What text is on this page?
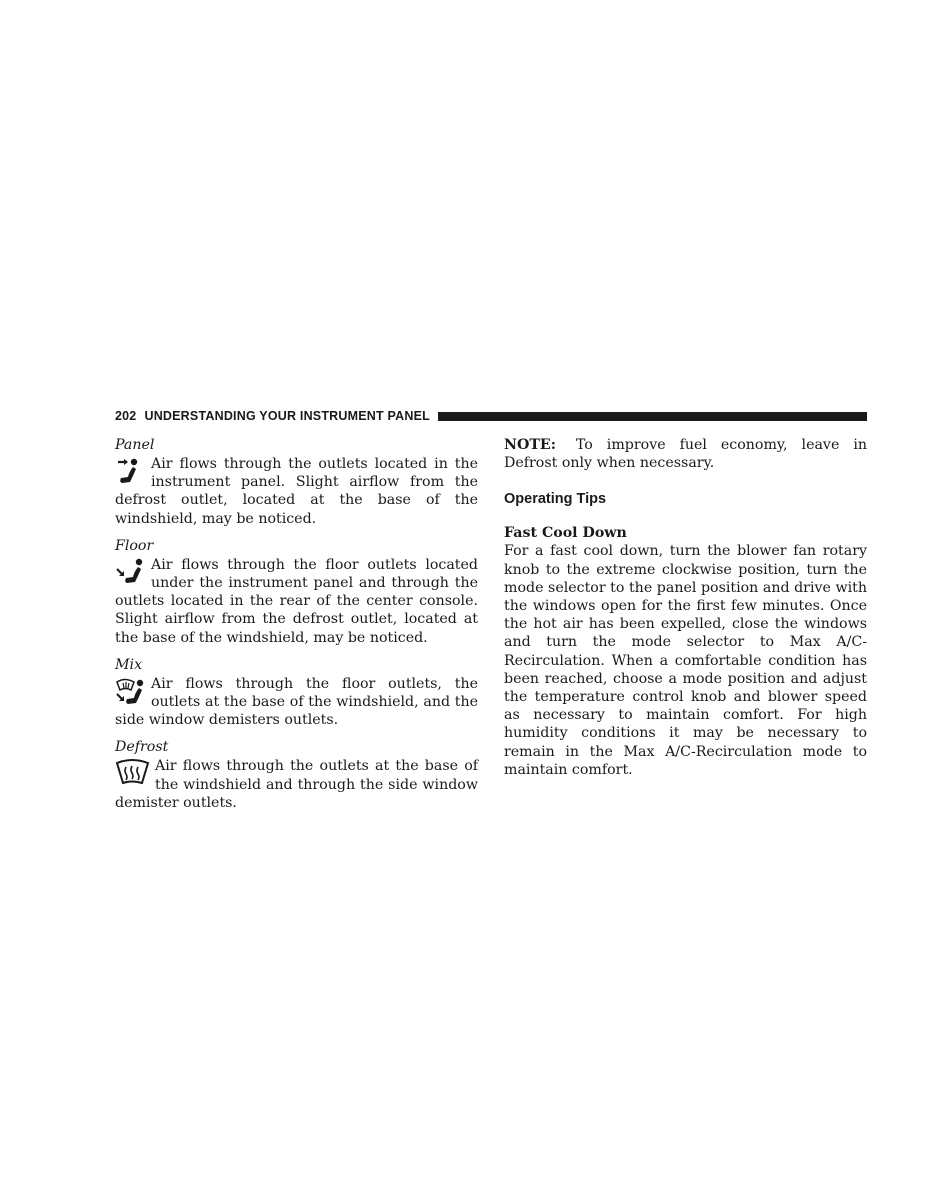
202 UNDERSTANDING YOUR INSTRUMENT PANEL

Panel

Air flows through the outlets located in the instrument panel. Slight airflow from the defrost outlet, located at the base of the windshield, may be noticed.

Floor

Air flows through the floor outlets located under the instrument panel and through the outlets located in the rear of the center console. Slight airflow from the defrost outlet, located at the base of the windshield, may be noticed.

Mix

Air flows through the floor outlets, the outlets at the base of the windshield, and the side window demisters outlets.

Defrost

Air flows through the outlets at the base of the windshield and through the side window demister outlets.

NOTE: To improve fuel economy, leave in Defrost only when necessary.

Operating Tips

Fast Cool Down

For a fast cool down, turn the blower fan rotary knob to the extreme clockwise position, turn the mode selector to the panel position and drive with the windows open for the first few minutes. Once the hot air has been expelled, close the windows and turn the mode selector to Max A/C-Recirculation. When a comfortable condition has been reached, choose a mode position and adjust the temperature control knob and blower speed as necessary to maintain comfort. For high humidity conditions it may be necessary to remain in the Max A/C-Recirculation mode to maintain comfort.
